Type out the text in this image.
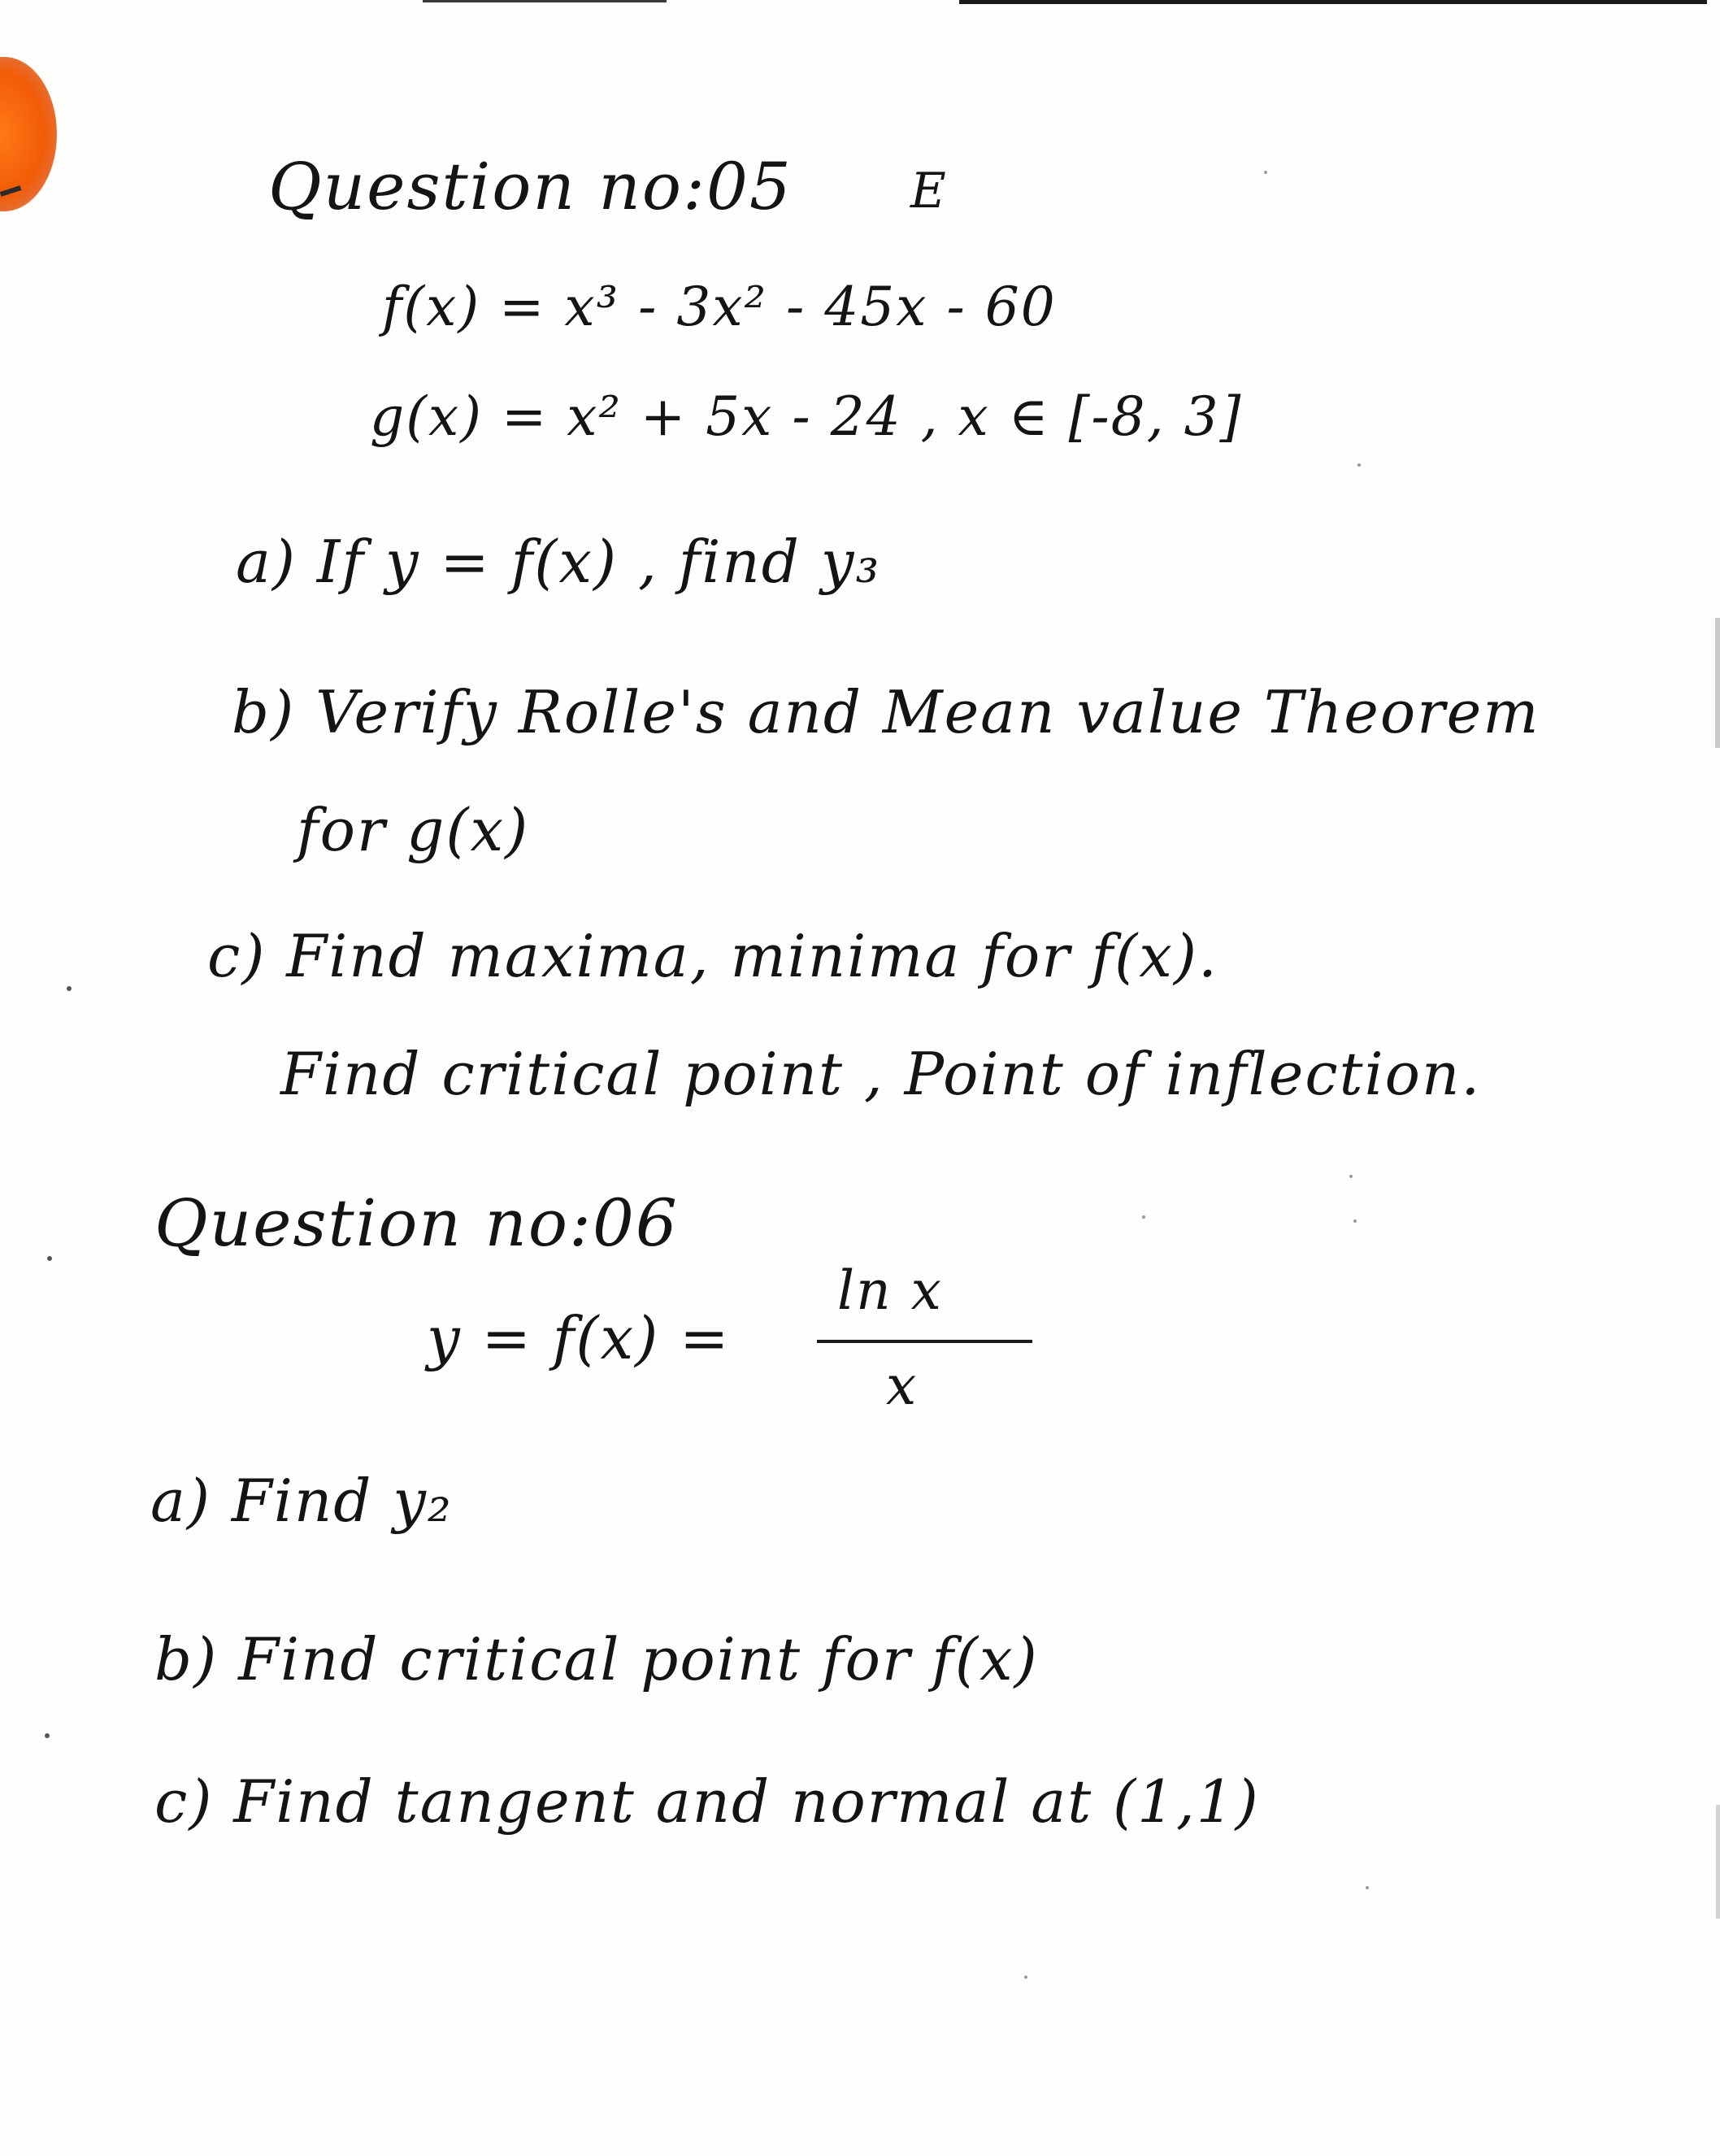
Question no:05 E
f(x) = x³ - 3x² - 45x - 60
g(x) = x² + 5x - 24 , x ∈ [-8, 3]
a) If y = f(x) , find y₃
b) Verify Rolle's and Mean value Theorem
for g(x)
c) Find maxima, minima for f(x).
Find critical point , Point of inflection.
Question no:06
y = f(x) =
ln x
x
a) Find y₂
b) Find critical point for f(x)
c) Find tangent and normal at (1,1)
